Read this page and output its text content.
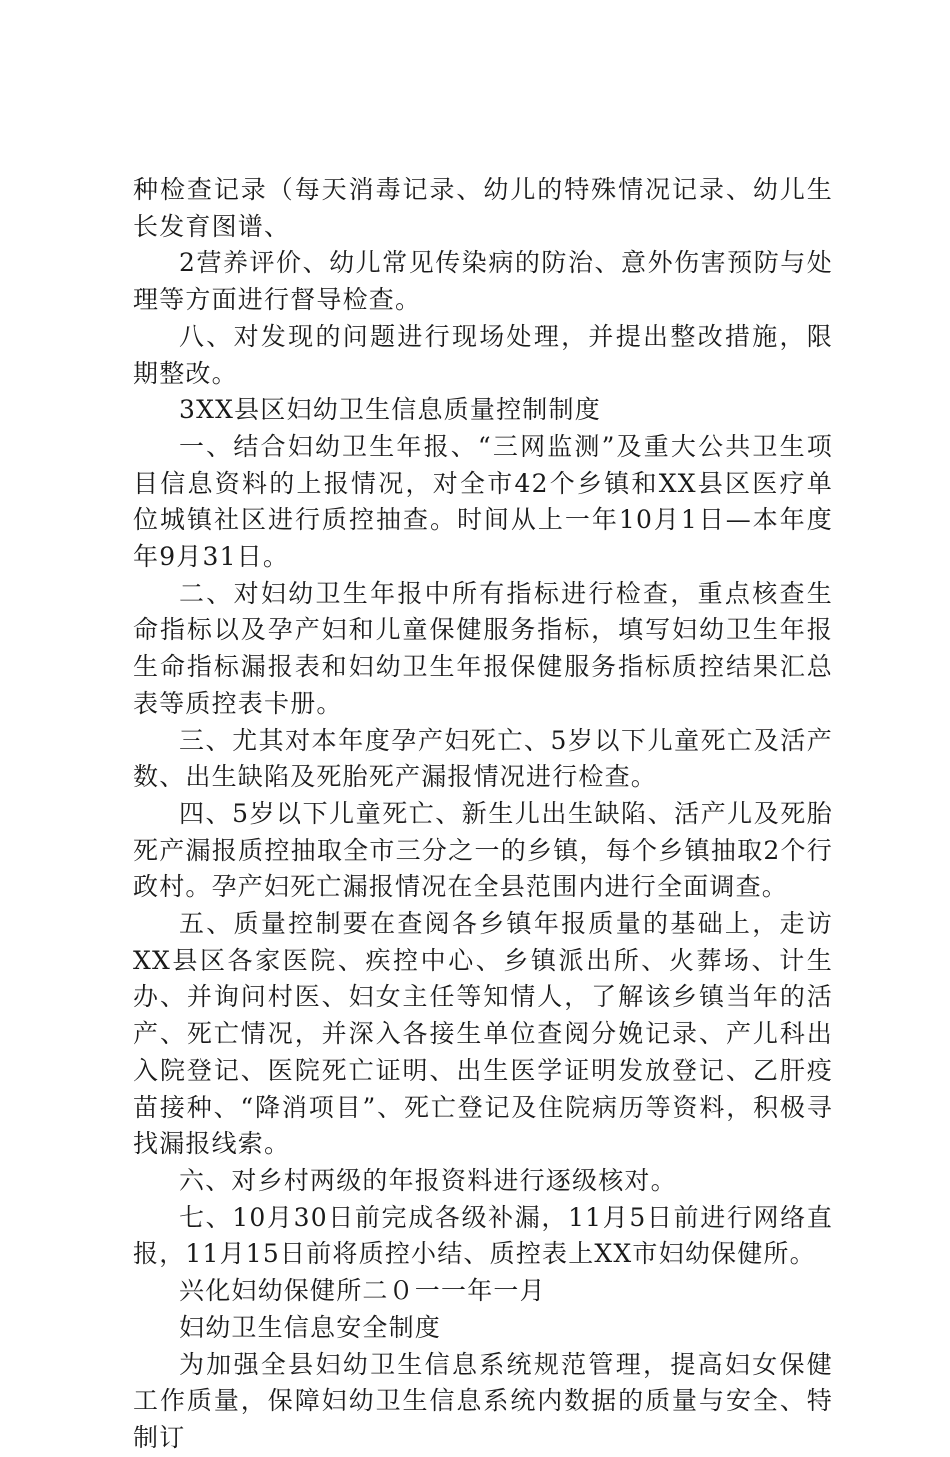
种检查记录（每天消毒记录、幼儿的特殊情况记录、幼儿生长发育图谱、

2营养评价、幼儿常见传染病的防治、意外伤害预防与处理等方面进行督导检查。

八、对发现的问题进行现场处理，并提出整改措施，限期整改。

3XX县区妇幼卫生信息质量控制制度

一、结合妇幼卫生年报、“三网监测”及重大公共卫生项目信息资料的上报情况，对全市42个乡镇和XX县区医疗单位城镇社区进行质控抽查。时间从上一年10月1日—本年度年9月31日。

二、对妇幼卫生年报中所有指标进行检查，重点核查生命指标以及孕产妇和儿童保健服务指标，填写妇幼卫生年报生命指标漏报表和妇幼卫生年报保健服务指标质控结果汇总表等质控表卡册。

三、尤其对本年度孕产妇死亡、5岁以下儿童死亡及活产数、出生缺陷及死胎死产漏报情况进行检查。

四、5岁以下儿童死亡、新生儿出生缺陷、活产儿及死胎死产漏报质控抽取全市三分之一的乡镇，每个乡镇抽取2个行政村。孕产妇死亡漏报情况在全县范围内进行全面调查。

五、质量控制要在查阅各乡镇年报质量的基础上，走访XX县区各家医院、疾控中心、乡镇派出所、火葬场、计生办、并询问村医、妇女主任等知情人，了解该乡镇当年的活产、死亡情况，并深入各接生单位查阅分娩记录、产儿科出入院登记、医院死亡证明、出生医学证明发放登记、乙肝疫苗接种、“降消项目”、死亡登记及住院病历等资料，积极寻找漏报线索。

六、对乡村两级的年报资料进行逐级核对。

七、10月30日前完成各级补漏，11月5日前进行网络直报，11月15日前将质控小结、质控表上XX市妇幼保健所。

兴化妇幼保健所二０一一年一月

妇幼卫生信息安全制度

为加强全县妇幼卫生信息系统规范管理，提高妇女保健工作质量，保障妇幼卫生信息系统内数据的质量与安全、特制订
